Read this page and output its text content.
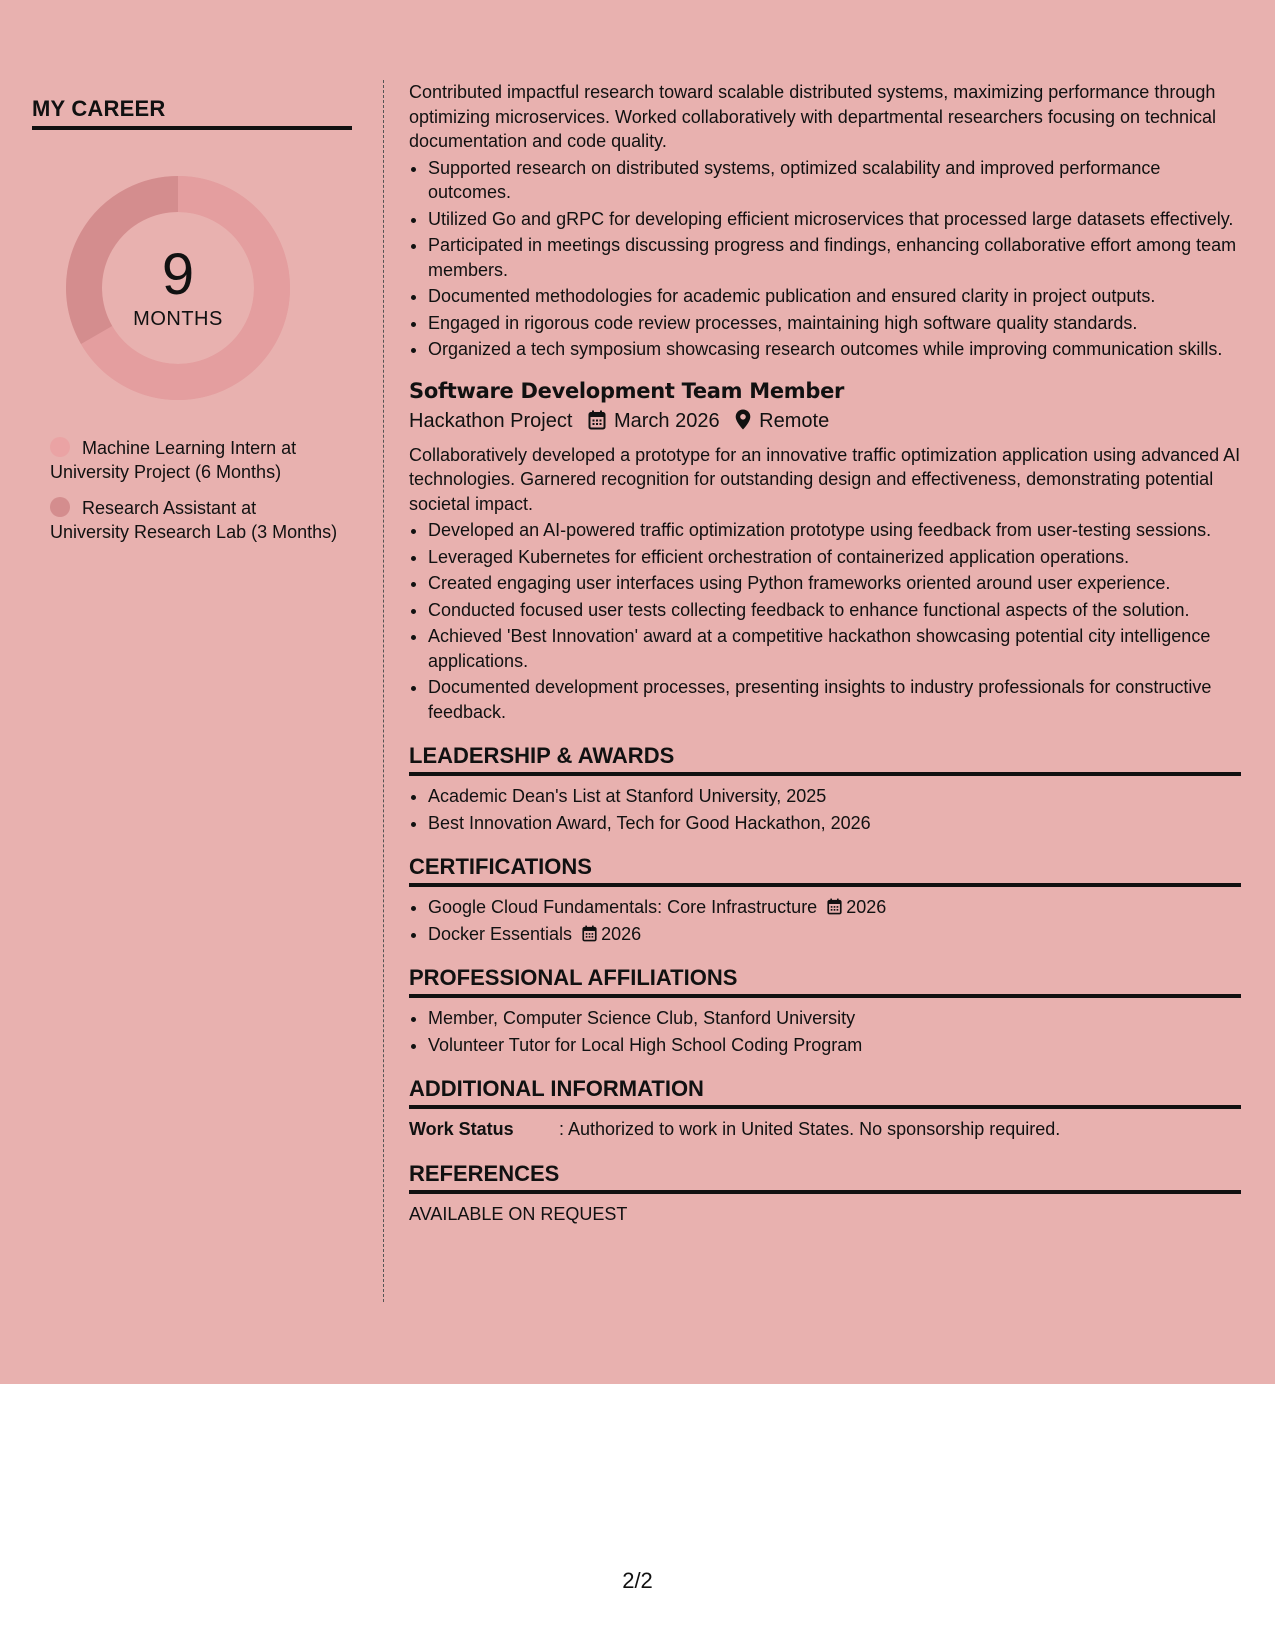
MY CAREER
9
MONTHS
Machine Learning Intern at University Project (6 Months)
Research Assistant at University Research Lab (3 Months)

Contributed impactful research toward scalable distributed systems, maximizing performance through optimizing microservices. Worked collaboratively with departmental researchers focusing on technical documentation and code quality.

• Supported research on distributed systems, optimized scalability and improved performance outcomes.
• Utilized Go and gRPC for developing efficient microservices that processed large datasets effectively.
• Participated in meetings discussing progress and findings, enhancing collaborative effort among team members.
• Documented methodologies for academic publication and ensured clarity in project outputs.
• Engaged in rigorous code review processes, maintaining high software quality standards.
• Organized a tech symposium showcasing research outcomes while improving communication skills.
Software Development Team Member
Hackathon Project March 2026 Remote

Collaboratively developed a prototype for an innovative traffic optimization application using advanced AI technologies. Garnered recognition for outstanding design and effectiveness, demonstrating potential societal impact.

• Developed an AI-powered traffic optimization prototype using feedback from user-testing sessions.
• Leveraged Kubernetes for efficient orchestration of containerized application operations.
• Created engaging user interfaces using Python frameworks oriented around user experience.
• Conducted focused user tests collecting feedback to enhance functional aspects of the solution.
• Achieved 'Best Innovation' award at a competitive hackathon showcasing potential city intelligence applications.
• Documented development processes, presenting insights to industry professionals for constructive feedback.
LEADERSHIP & AWARDS
• Academic Dean's List at Stanford University, 2025
• Best Innovation Award, Tech for Good Hackathon, 2026
CERTIFICATIONS
• Google Cloud Fundamentals: Core Infrastructure 2026
• Docker Essentials 2026
PROFESSIONAL AFFILIATIONS
• Member, Computer Science Club, Stanford University
• Volunteer Tutor for Local High School Coding Program
ADDITIONAL INFORMATION
Work Status	: Authorized to work in United States. No sponsorship required.
REFERENCES

AVAILABLE ON REQUEST

2/2
